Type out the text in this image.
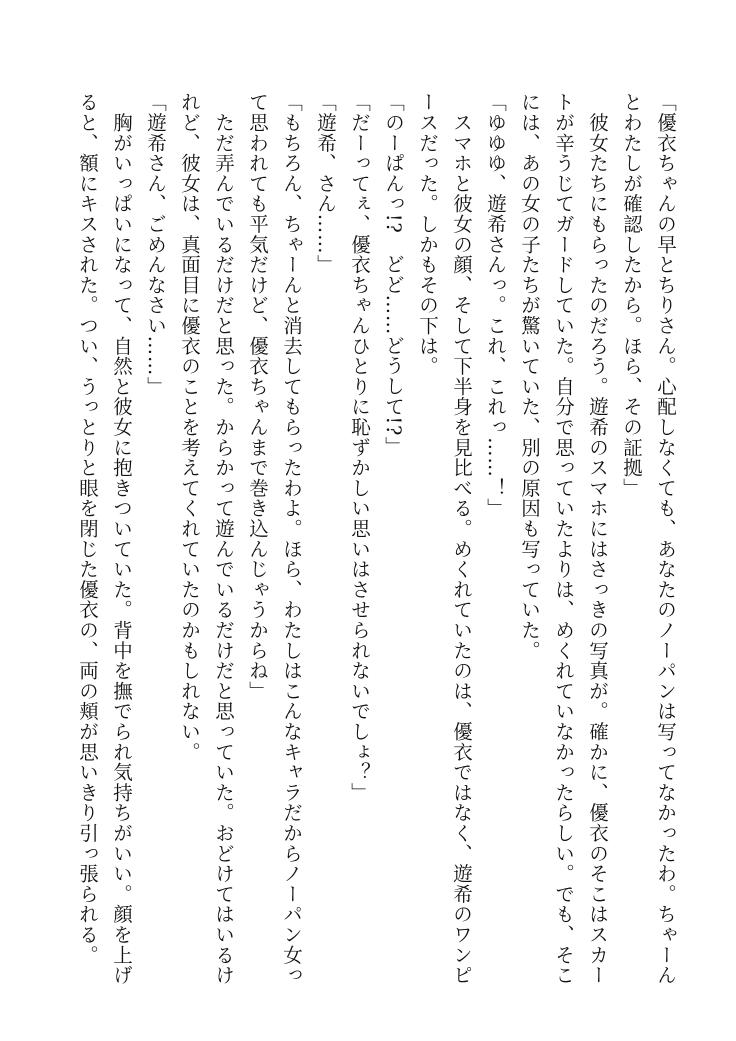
「優衣ちゃんの早とちりさん。心配しなくても、あなたのノーパンは写ってなかったわ。ちゃーん
とわたしが確認したから。ほら、その証拠」
　彼女たちにもらったのだろう。遊希のスマホにはさっきの写真が。確かに、優衣のそこはスカー
トが辛うじてガードしていた。自分で思っていたよりは、めくれていなかったらしい。でも、そこ
には、あの女の子たちが驚いていた、別の原因も写っていた。
「ゆゆゆ、遊希さんっ。これ、これっ……！」
　スマホと彼女の顔、そして下半身を見比べる。めくれていたのは、優衣ではなく、遊希のワンピ
ースだった。しかもその下は。
「のーぱんっ!?　どど……どうして!?」
「だーってぇ、優衣ちゃんひとりに恥ずかしい思いはさせられないでしょ？」
「遊希、さん……」
「もちろん、ちゃーんと消去してもらったわよ。ほら、わたしはこんなキャラだからノーパン女っ
て思われても平気だけど、優衣ちゃんまで巻き込んじゃうからね」
　ただ弄んでいるだけだと思った。からかって遊んでいるだけだと思っていた。おどけてはいるけ
れど、彼女は、真面目に優衣のことを考えてくれていたのかもしれない。
「遊希さん、ごめんなさい……」
　胸がいっぱいになって、自然と彼女に抱きついていた。背中を撫でられ気持ちがいい。顔を上げ
ると、額にキスされた。つい、うっとりと眼を閉じた優衣の、両の頬が思いきり引っ張られる。
